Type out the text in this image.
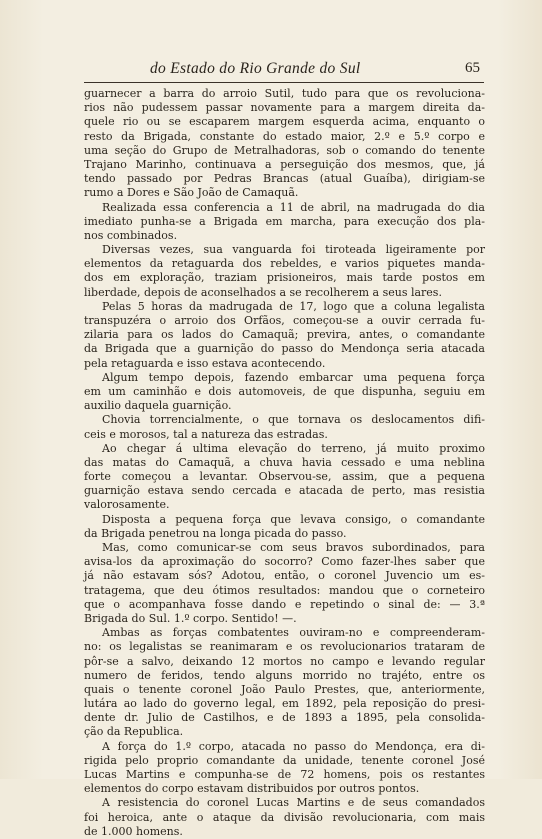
do Estado do Rio Grande do Sul	65
guarnecer a barra do arroio Sutil, tudo para que os revoluciona-
rios não pudessem passar novamente para a margem direita da-
quele rio ou se escaparem margem esquerda acima, enquanto o
resto da Brigada, constante do estado maior, 2.º e 5.º corpo e
uma seção do Grupo de Metralhadoras, sob o comando do tenente
Trajano Marinho, continuava a perseguição dos mesmos, que, já
tendo passado por Pedras Brancas (atual Guaíba), dirigiam-se
rumo a Dores e São João de Camaquã.
Realizada essa conferencia a 11 de abril, na madrugada do dia
imediato punha-se a Brigada em marcha, para execução dos pla-
nos combinados.
Diversas vezes, sua vanguarda foi tiroteada ligeiramente por
elementos da retaguarda dos rebeldes, e varios piquetes manda-
dos em exploração, traziam prisioneiros, mais tarde postos em
liberdade, depois de aconselhados a se recolherem a seus lares.
Pelas 5 horas da madrugada de 17, logo que a coluna legalista
transpuzéra o arroio dos Orfãos, começou-se a ouvir cerrada fu-
zilaria para os lados do Camaquã; previra, antes, o comandante
da Brigada que a guarnição do passo do Mendonça seria atacada
pela retaguarda e isso estava acontecendo.
Algum tempo depois, fazendo embarcar uma pequena força
em um caminhão e dois automoveis, de que dispunha, seguiu em
auxilio daquela guarnição.
Chovia torrencialmente, o que tornava os deslocamentos difi-
ceis e morosos, tal a natureza das estradas.
Ao chegar á ultima elevação do terreno, já muito proximo
das matas do Camaquã, a chuva havia cessado e uma neblina
forte começou a levantar. Observou-se, assim, que a pequena
guarnição estava sendo cercada e atacada de perto, mas resistia
valorosamente.
Disposta a pequena força que levava consigo, o comandante
da Brigada penetrou na longa picada do passo.
Mas, como comunicar-se com seus bravos subordinados, para
avisa-los da aproximação do socorro? Como fazer-lhes saber que
já não estavam sós? Adotou, então, o coronel Juvencio um es-
tratagema, que deu ótimos resultados: mandou que o corneteiro
que o acompanhava fosse dando e repetindo o sinal de: — 3.ª
Brigada do Sul. 1.º corpo. Sentido! —.
Ambas as forças combatentes ouviram-no e compreenderam-
no: os legalistas se reanimaram e os revolucionarios trataram de
pôr-se a salvo, deixando 12 mortos no campo e levando regular
numero de feridos, tendo alguns morrido no trajéto, entre os
quais o tenente coronel João Paulo Prestes, que, anteriormente,
lutára ao lado do governo legal, em 1892, pela reposição do presi-
dente dr. Julio de Castilhos, e de 1893 a 1895, pela consolida-
ção da Republica.
A força do 1.º corpo, atacada no passo do Mendonça, era di-
rigida pelo proprio comandante da unidade, tenente coronel José
Lucas Martins e compunha-se de 72 homens, pois os restantes
elementos do corpo estavam distribuidos por outros pontos.
A resistencia do coronel Lucas Martins e de seus comandados
foi heroica, ante o ataque da divisão revolucionaria, com mais
de 1.000 homens.
